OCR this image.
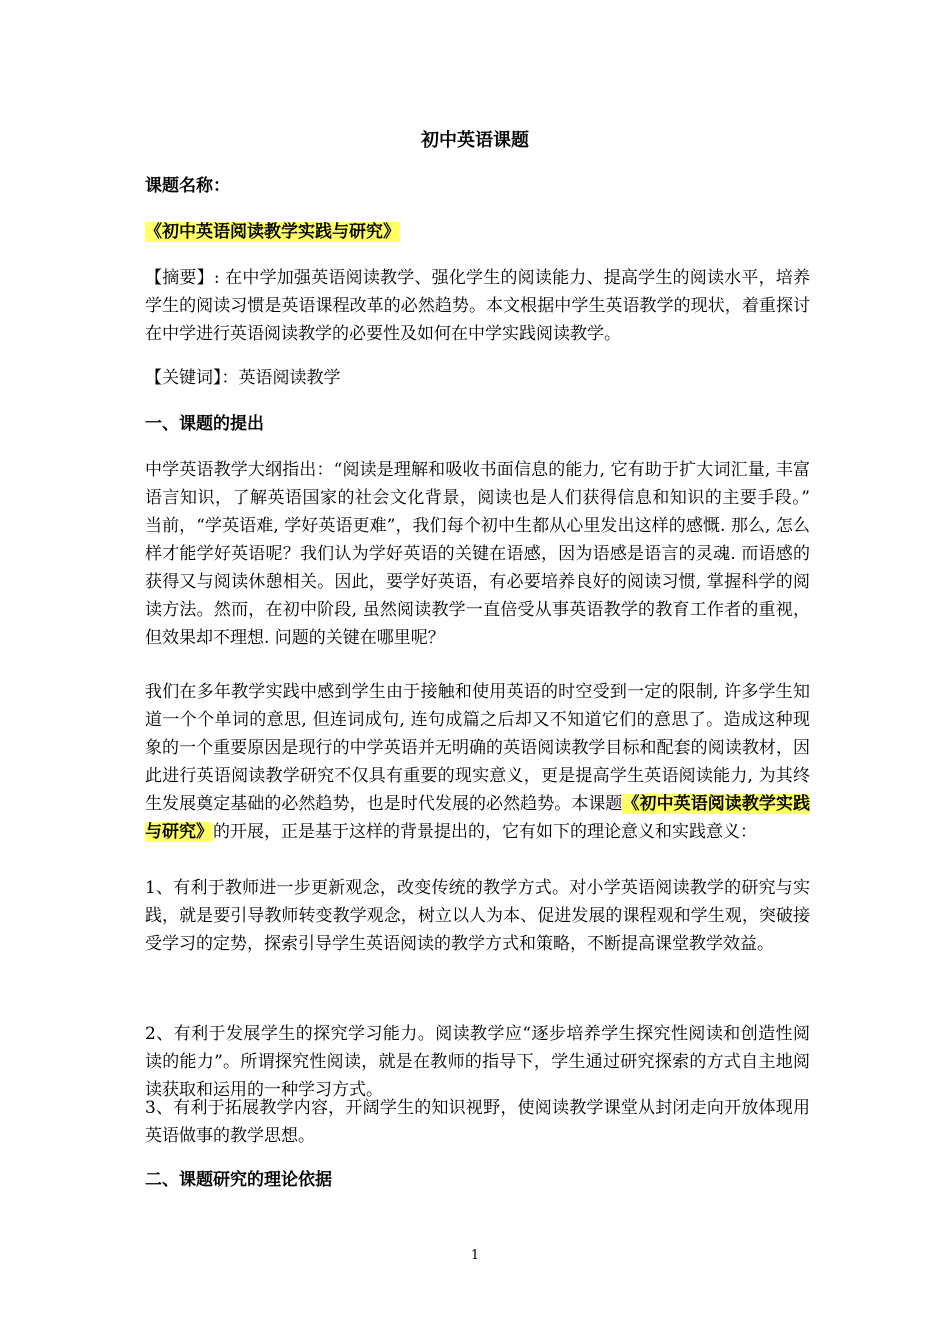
初中英语课题
课题名称：
《初中英语阅读教学实践与研究》
【摘要】: 在中学加强英语阅读教学、强化学生的阅读能力、提高学生的阅读水平，培养学生的阅读习惯是英语课程改革的必然趋势。本文根据中学生英语教学的现状，着重探讨在中学进行英语阅读教学的必要性及如何在中学实践阅读教学。
【关键词】：英语阅读教学
一、课题的提出
中学英语教学大纲指出：“阅读是理解和吸收书面信息的能力, 它有助于扩大词汇量, 丰富语言知识，了解英语国家的社会文化背景，阅读也是人们获得信息和知识的主要手段。” 当前，“学英语难, 学好英语更难”，我们每个初中生都从心里发出这样的感慨. 那么, 怎么样才能学好英语呢？我们认为学好英语的关键在语感，因为语感是语言的灵魂. 而语感的获得又与阅读休憩相关。因此，要学好英语，有必要培养良好的阅读习惯, 掌握科学的阅读方法。然而，在初中阶段, 虽然阅读教学一直倍受从事英语教学的教育工作者的重视，但效果却不理想. 问题的关键在哪里呢？
我们在多年教学实践中感到学生由于接触和使用英语的时空受到一定的限制, 许多学生知道一个个单词的意思, 但连词成句, 连句成篇之后却又不知道它们的意思了。造成这种现象的一个重要原因是现行的中学英语并无明确的英语阅读教学目标和配套的阅读教材，因此进行英语阅读教学研究不仅具有重要的现实意义，更是提高学生英语阅读能力, 为其终生发展奠定基础的必然趋势，也是时代发展的必然趋势。本课题《初中英语阅读教学实践与研究》的开展，正是基于这样的背景提出的，它有如下的理论意义和实践意义：
1、有利于教师进一步更新观念，改变传统的教学方式。对小学英语阅读教学的研究与实践，就是要引导教师转变教学观念，树立以人为本、促进发展的课程观和学生观，突破接受学习的定势，探索引导学生英语阅读的教学方式和策略，不断提高课堂教学效益。
2、有利于发展学生的探究学习能力。阅读教学应“逐步培养学生探究性阅读和创造性阅读的能力”。所谓探究性阅读，就是在教师的指导下，学生通过研究探索的方式自主地阅读获取和运用的一种学习方式。
3、有利于拓展教学内容，开阔学生的知识视野，使阅读教学课堂从封闭走向开放体现用英语做事的教学思想。
二、课题研究的理论依据
1
